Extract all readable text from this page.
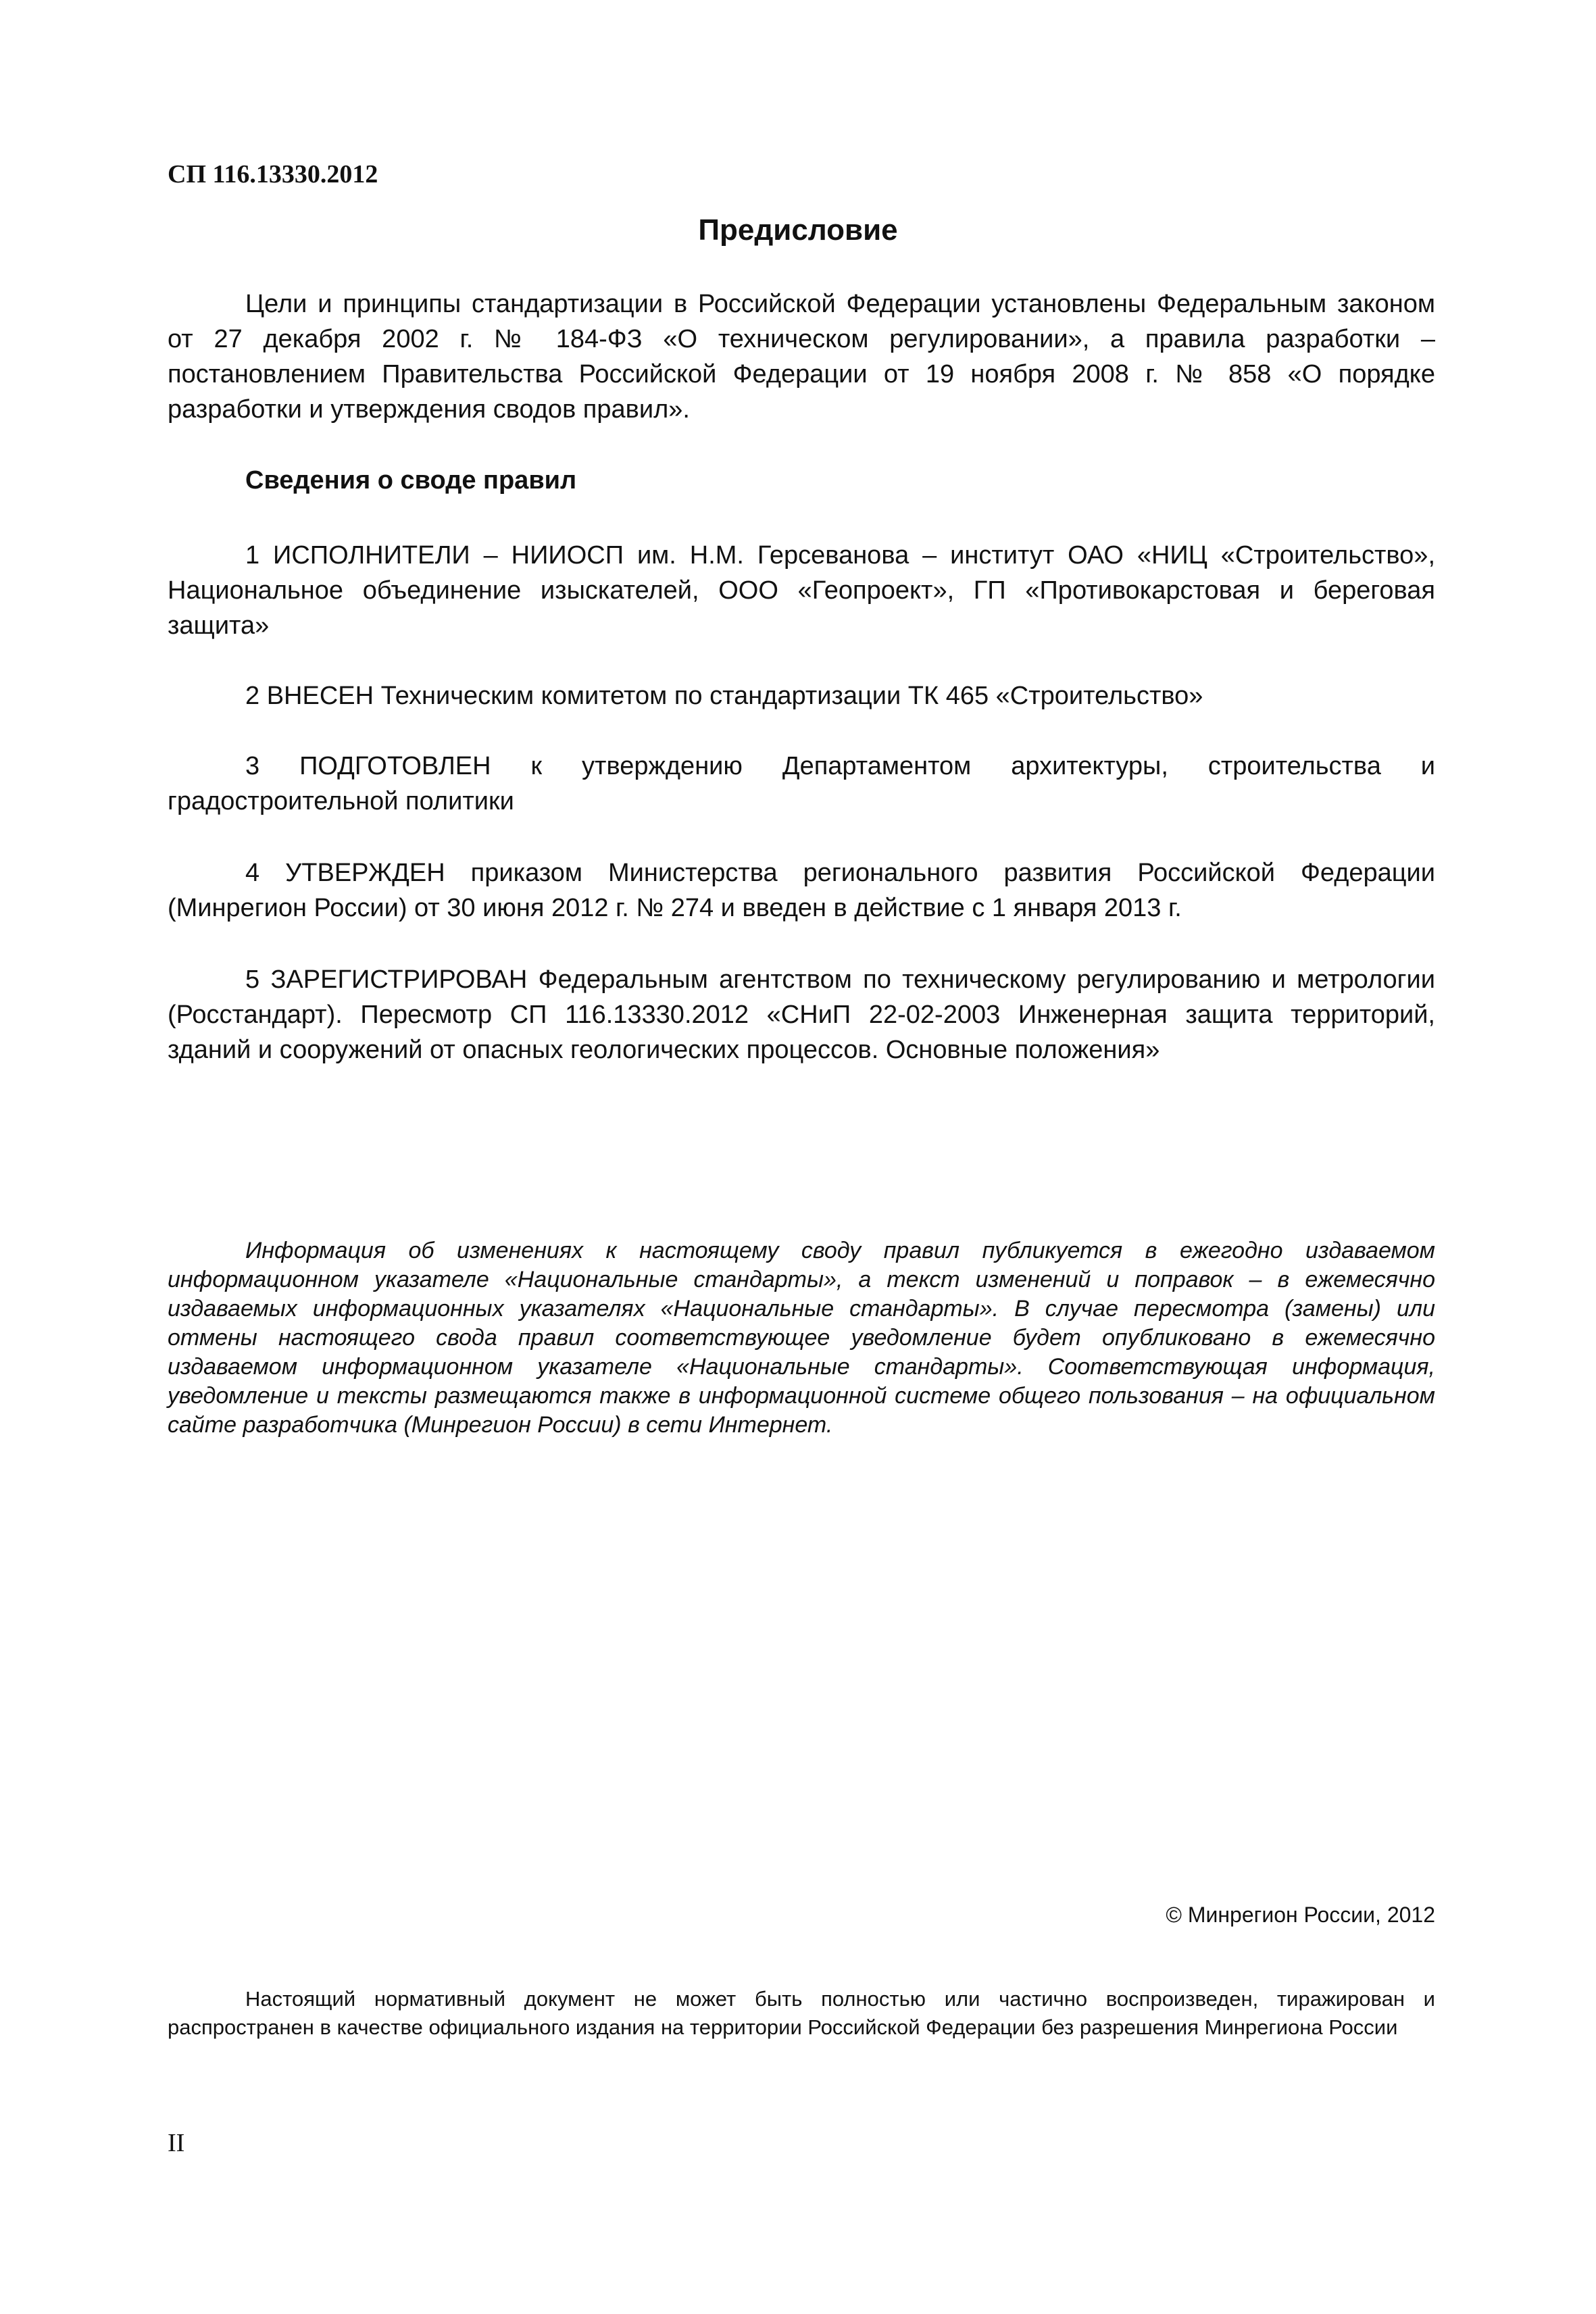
СП 116.13330.2012

Предисловие

Цели и принципы стандартизации в Российской Федерации установлены Федеральным законом от 27 декабря 2002 г. № 184-ФЗ «О техническом регулировании», а правила разработки – постановлением Правительства Российской Федерации от 19 ноября 2008 г. № 858 «О порядке разработки и утверждения сводов правил».

Сведения о своде правил

1 ИСПОЛНИТЕЛИ – НИИОСП им. Н.М. Герсеванова – институт ОАО «НИЦ «Строительство», Национальное объединение изыскателей, ООО «Геопроект», ГП «Противокарстовая и береговая защита»

2 ВНЕСЕН Техническим комитетом по стандартизации ТК 465 «Строительство»

3 ПОДГОТОВЛЕН к утверждению Департаментом архитектуры, строительства и градостроительной политики

4 УТВЕРЖДЕН приказом Министерства регионального развития Российской Федерации (Минрегион России) от 30 июня 2012 г. № 274 и введен в действие с 1 января 2013 г.

5 ЗАРЕГИСТРИРОВАН Федеральным агентством по техническому регулированию и метрологии (Росстандарт). Пересмотр СП 116.13330.2012 «СНиП 22-02-2003 Инженерная защита территорий, зданий и сооружений от опасных геологических процессов. Основные положения»

Информация об изменениях к настоящему своду правил публикуется в ежегодно издаваемом информационном указателе «Национальные стандарты», а текст изменений и поправок – в ежемесячно издаваемых информационных указателях «Национальные стандарты». В случае пересмотра (замены) или отмены настоящего свода правил соответствующее уведомление будет опубликовано в ежемесячно издаваемом информационном указателе «Национальные стандарты». Соответствующая информация, уведомление и тексты размещаются также в информационной системе общего пользования – на официальном сайте разработчика (Минрегион России) в сети Интернет.

© Минрегион России, 2012

Настоящий нормативный документ не может быть полностью или частично воспроизведен, тиражирован и распространен в качестве официального издания на территории Российской Федерации без разрешения Минрегиона России

II
